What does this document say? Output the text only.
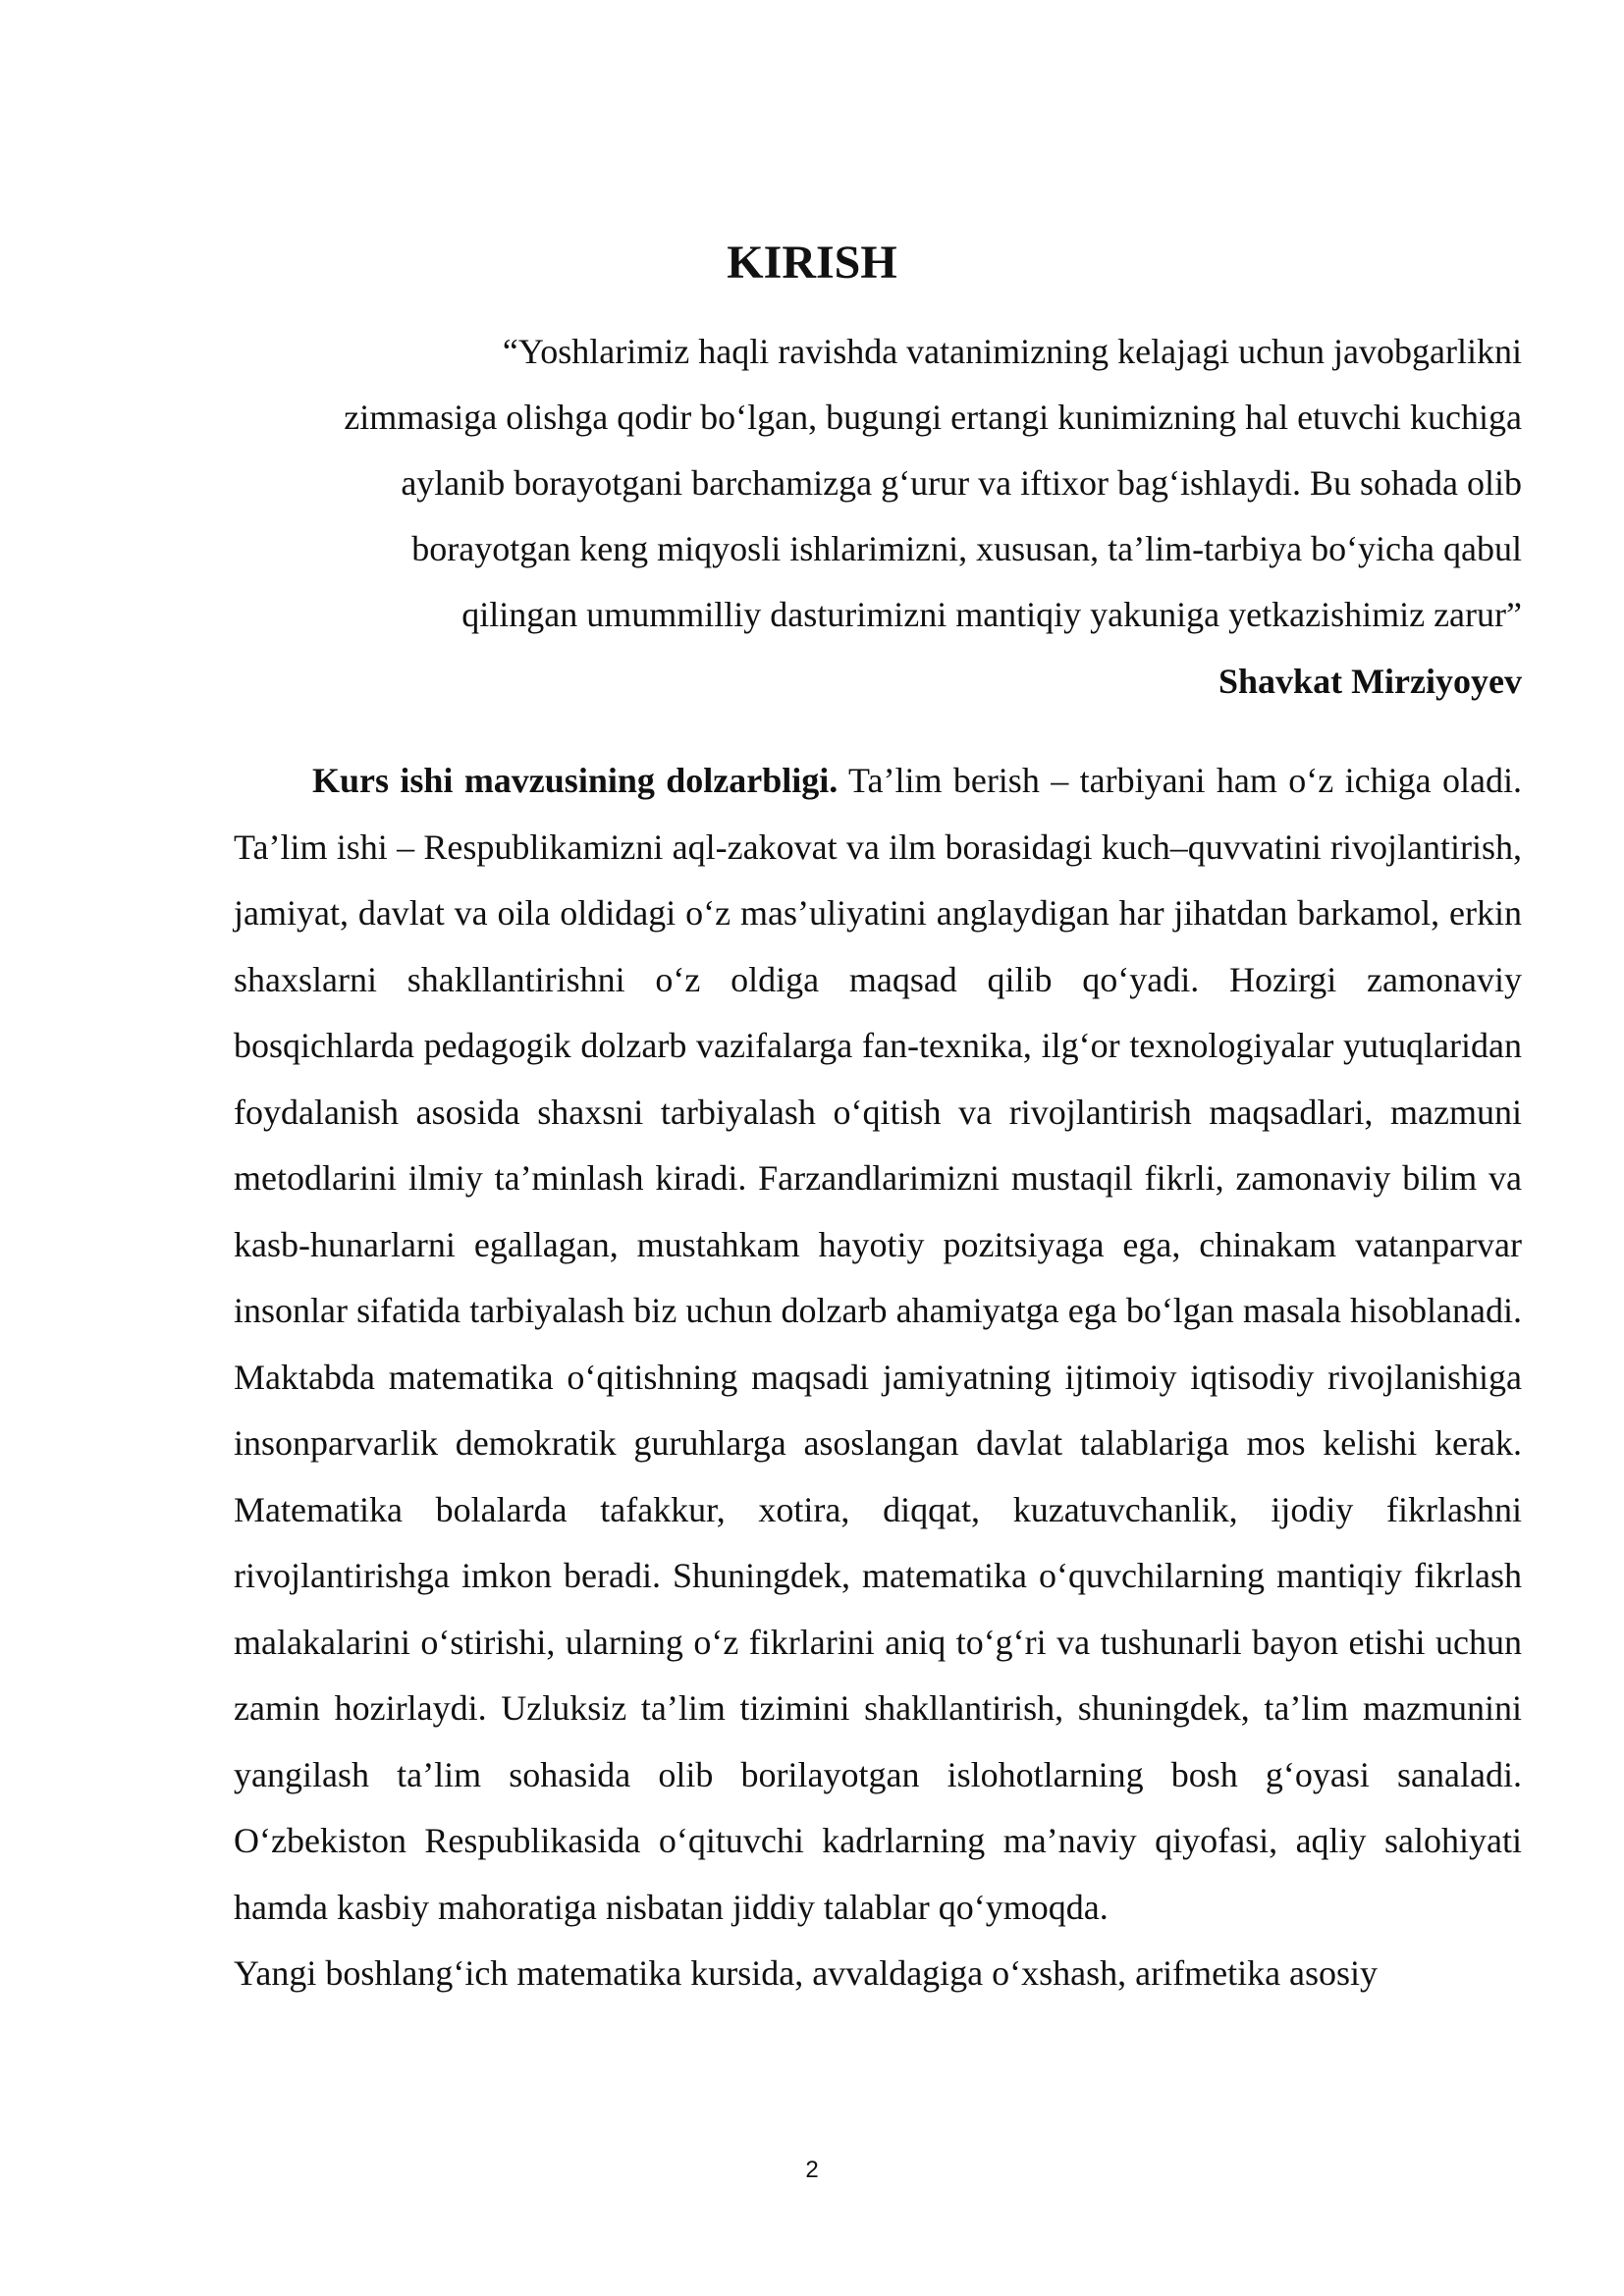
KIRISH
“Yoshlarimiz haqli ravishda vatanimizning kelajagi uchun javobgarlikni
zimmasiga olishga qodir bo‘lgan, bugungi ertangi kunimizning hal etuvchi kuchiga
aylanib borayotgani barchamizga g‘urur va iftixor bag‘ishlaydi. Bu sohada olib
borayotgan keng miqyosli ishlarimizni, xususan, ta’lim-tarbiya bo‘yicha qabul
qilingan umummilliy dasturimizni mantiqiy yakuniga yetkazishimiz zarur”

Shavkat Mirziyoyev

Kurs ishi mavzusining dolzarbligi. Ta’lim berish – tarbiyani ham o‘z ichiga oladi. Ta’lim ishi – Respublikamizni aql-zakovat va ilm borasidagi kuch–quvvatini rivojlantirish, jamiyat, davlat va oila oldidagi o‘z mas’uliyatini anglaydigan har jihatdan barkamol, erkin shaxslarni shakllantirishni o‘z oldiga maqsad qilib qo‘yadi. Hozirgi zamonaviy bosqichlarda pedagogik dolzarb vazifalarga fan-texnika, ilg‘or texnologiyalar yutuqlaridan foydalanish asosida shaxsni tarbiyalash o‘qitish va rivojlantirish maqsadlari, mazmuni metodlarini ilmiy ta’minlash kiradi. Farzandlarimizni mustaqil fikrli, zamonaviy bilim va kasb-hunarlarni egallagan, mustahkam hayotiy pozitsiyaga ega, chinakam vatanparvar insonlar sifatida tarbiyalash biz uchun dolzarb ahamiyatga ega bo‘lgan masala hisoblanadi. Maktabda matematika o‘qitishning maqsadi jamiyatning ijtimoiy iqtisodiy rivojlanishiga insonparvarlik demokratik guruhlarga asoslangan davlat talablariga mos kelishi kerak. Matematika bolalarda tafakkur, xotira, diqqat, kuzatuvchanlik, ijodiy fikrlashni rivojlantirishga imkon beradi. Shuningdek, matematika o‘quvchilarning mantiqiy fikrlash malakalarini o‘stirishi, ularning o‘z fikrlarini aniq to‘g‘ri va tushunarli bayon etishi uchun zamin hozirlaydi. Uzluksiz ta’lim tizimini shakllantirish, shuningdek, ta’lim mazmunini yangilash ta’lim sohasida olib borilayotgan islohotlarning bosh g‘oyasi sanaladi. O‘zbekiston Respublikasida o‘qituvchi kadrlarning ma’naviy qiyofasi, aqliy salohiyati hamda kasbiy mahoratiga nisbatan jiddiy talablar qo‘ymoqda.

Yangi boshlang‘ich matematika kursida, avvaldagiga o‘xshash, arifmetika asosiy

2
